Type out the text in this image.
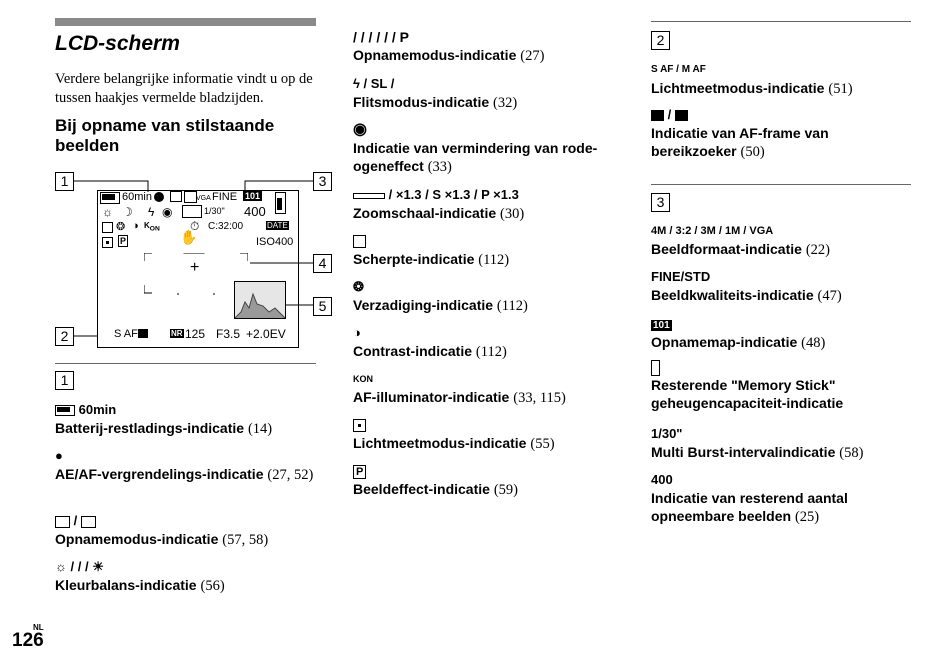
LCD-scherm
Verdere belangrijke informatie vindt u op de tussen haakjes vermelde bladzijden.
Bij opname van stilstaande beelden
1	3
4
5
2
60min	VGA FINE 101
☼ ☽ ϟ ◉	1/30" 400
❂ ◑ $K_{ON}$	⏱ C:32:00	DATE
P	✋	ISO400
+
S AF	NR 125 F3.5 +2.0EV
1
60min
Batterij-restladings-indicatie (14)
●
AE/AF-vergrendelings-indicatie (27, 52)
/
Opnamemodus-indicatie (57, 58)
☼ / / / ☀
Kleurbalans-indicatie (56)
/ / / / / / P
Opnamemodus-indicatie (27)
ϟ / SL /
Flitsmodus-indicatie (32)
◉
Indicatie van vermindering van rode-ogeneffect (33)
/ ×1.3 / S ×1.3 / P ×1.3
Zoomschaal-indicatie (30)
Scherpte-indicatie (112)
❂
Verzadiging-indicatie (112)
◑
Contrast-indicatie (112)
KON
AF-illuminator-indicatie (33, 115)
Lichtmeetmodus-indicatie (55)
P
Beeldeffect-indicatie (59)
2
S AF / M AF
Lichtmeetmodus-indicatie (51)
/
Indicatie van AF-frame van bereikzoeker (50)
3
4M / 3:2 / 3M / 1M / VGA
Beeldformaat-indicatie (22)
FINE/STD
Beeldkwaliteits-indicatie (47)
101
Opnamemap-indicatie (48)
Resterende "Memory Stick" geheugencapaciteit-indicatie
1/30"
Multi Burst-intervalindicatie (58)
400
Indicatie van resterend aantal opneembare beelden (25)
NL
126
